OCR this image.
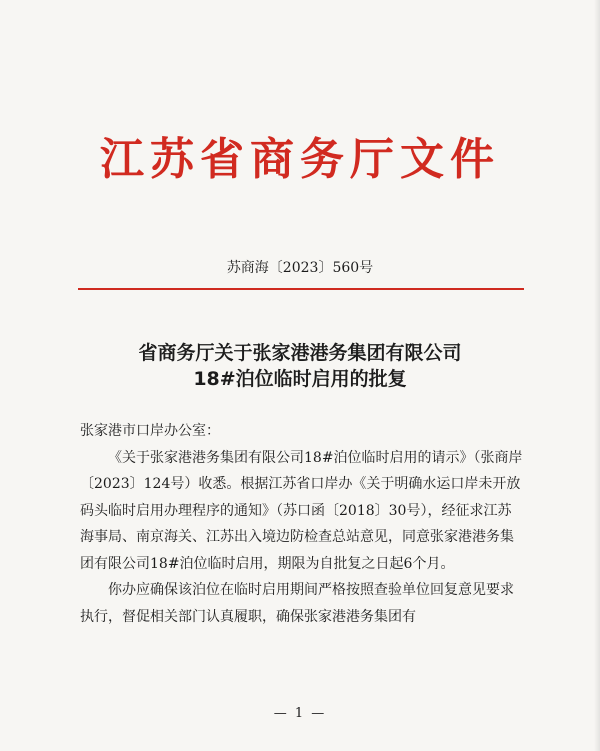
江苏省商务厅文件
苏商海〔2023〕560号
省商务厅关于张家港港务集团有限公司
18#泊位临时启用的批复

张家港市口岸办公室：

《关于张家港港务集团有限公司18#泊位临时启用的请示》（张商岸〔2023〕124号）收悉。根据江苏省口岸办《关于明确水运口岸未开放码头临时启用办理程序的通知》（苏口函〔2018〕30号），经征求江苏海事局、南京海关、江苏出入境边防检查总站意见，同意张家港港务集团有限公司18#泊位临时启用，期限为自批复之日起6个月。

你办应确保该泊位在临时启用期间严格按照查验单位回复意见要求执行，督促相关部门认真履职，确保张家港港务集团有

— 1 —
